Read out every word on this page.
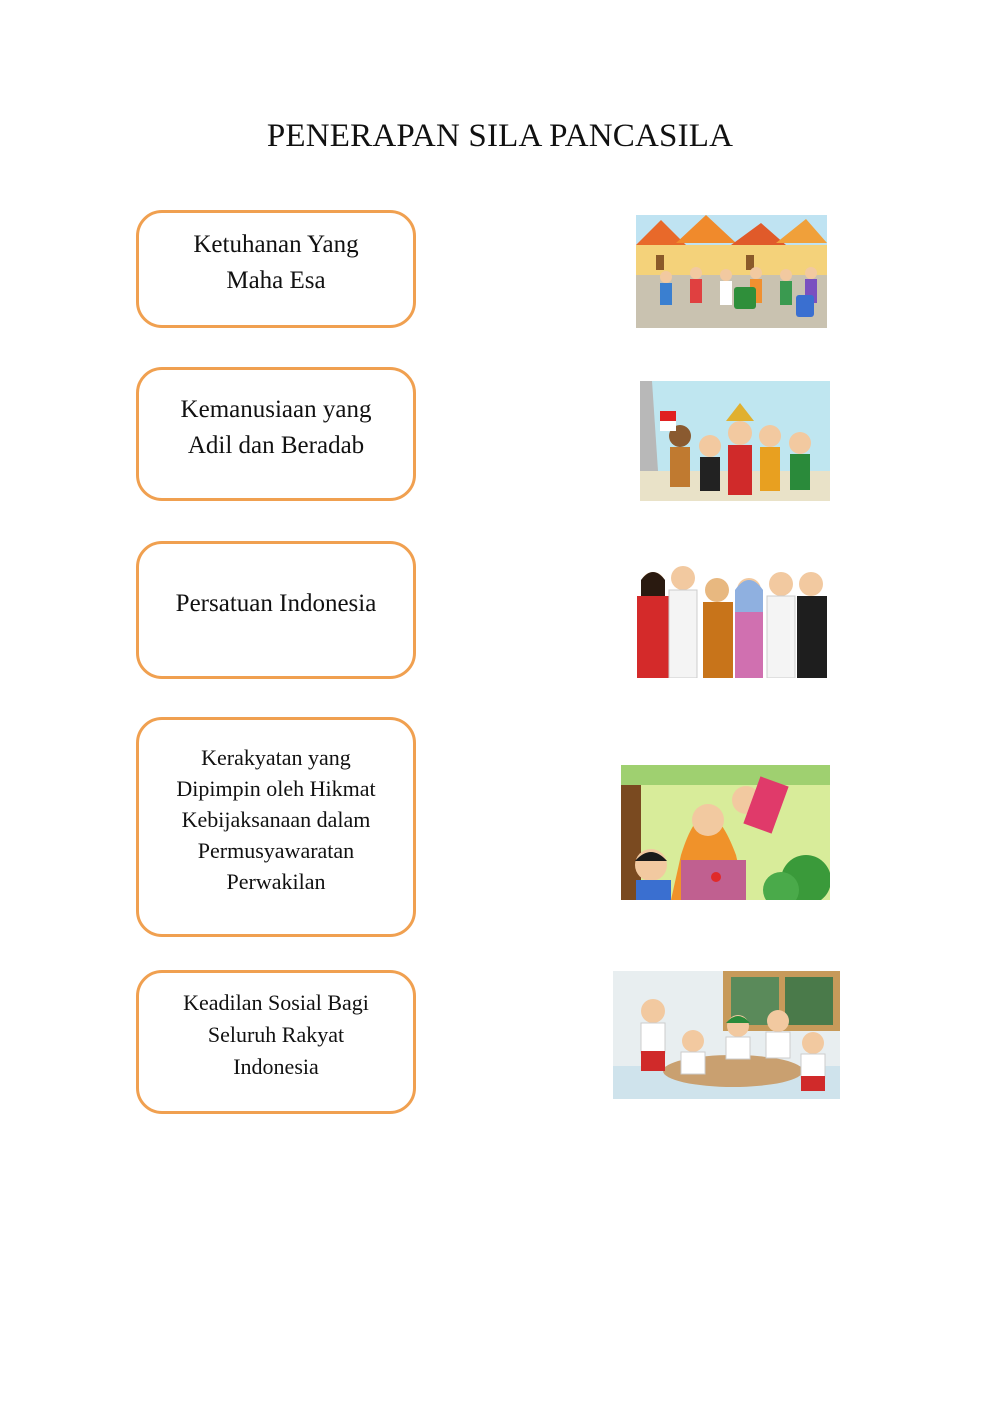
PENERAPAN SILA PANCASILA
Ketuhanan Yang
Maha Esa
Kemanusiaan yang
Adil dan Beradab
Persatuan Indonesia
Kerakyatan yang
Dipimpin oleh Hikmat
Kebijaksanaan dalam
Permusyawaratan
Perwakilan
Keadilan Sosial Bagi
Seluruh Rakyat
Indonesia
